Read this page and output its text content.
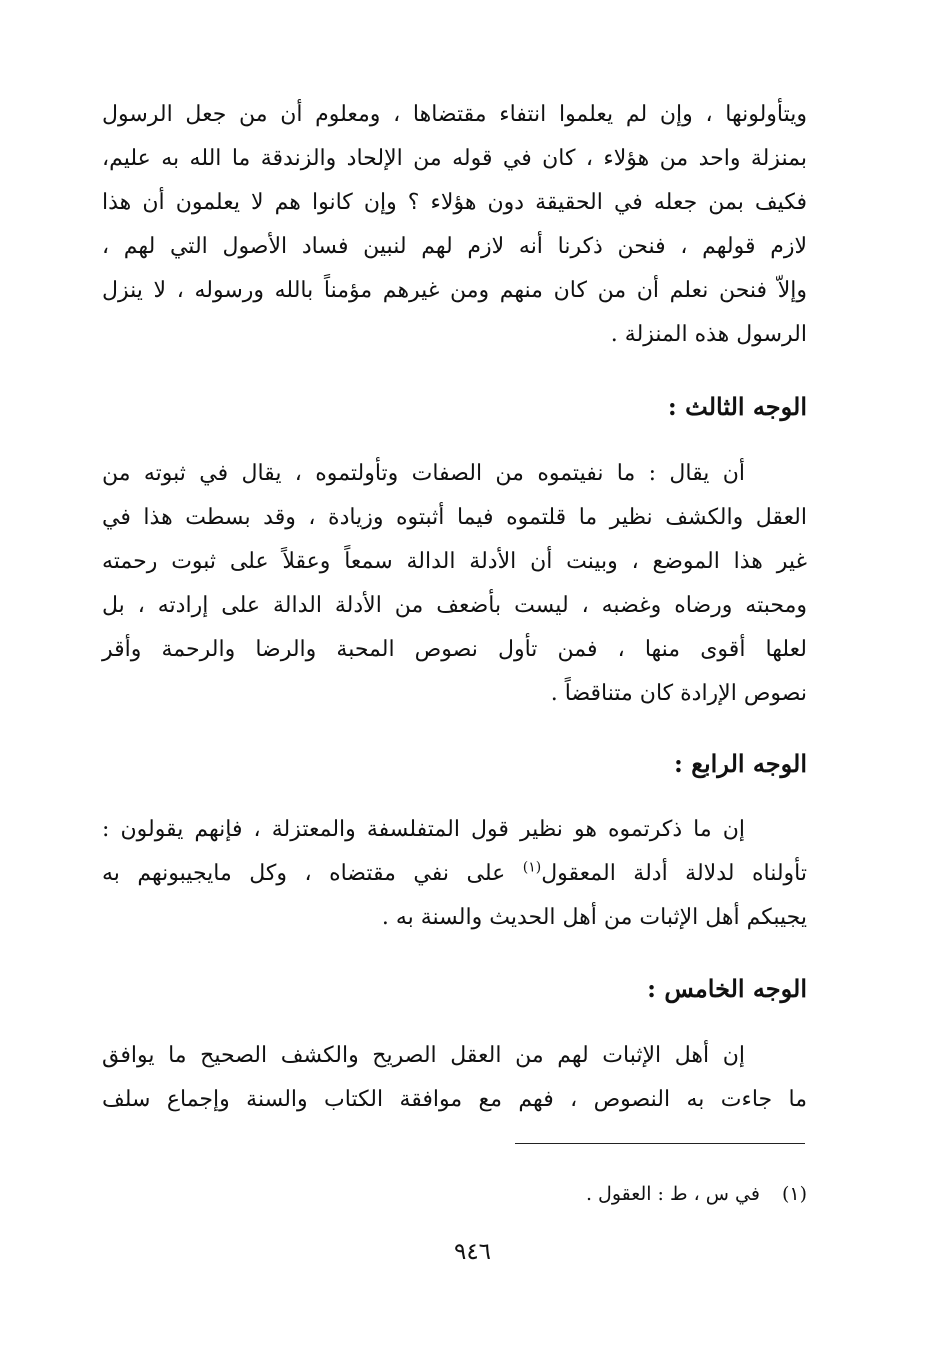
ويتأولونها ، وإن لم يعلموا انتفاء مقتضاها ، ومعلوم أن من جعل الرسول
بمنزلة واحد من هؤلاء ، كان في قوله من الإلحاد والزندقة ما الله به عليم،
فكيف بمن جعله في الحقيقة دون هؤلاء ؟ وإن كانوا هم لا يعلمون أن هذا
لازم قولهم ، فنحن ذكرنا أنه لازم لهم لنبين فساد الأصول التي لهم ،
وإلاّ فنحن نعلم أن من كان منهم ومن غيرهم مؤمناً بالله ورسوله ، لا ينزل
الرسول هذه المنزلة .
الوجه الثالث :
أن يقال : ما نفيتموه من الصفات وتأولتموه ، يقال في ثبوته من
العقل والكشف نظير ما قلتموه فيما أثبتوه وزيادة ، وقد بسطت هذا في
غير هذا الموضع ، وبينت أن الأدلة الدالة سمعاً وعقلاً على ثبوت رحمته
ومحبته ورضاه وغضبه ، ليست بأضعف من الأدلة الدالة على إرادته ، بل
لعلها أقوى منها ، فمن تأول نصوص المحبة والرضا والرحمة وأقر
نصوص الإرادة كان متناقضاً .
الوجه الرابع :
إن ما ذكرتموه هو نظير قول المتفلسفة والمعتزلة ، فإنهم يقولون :
تأولناه لدلالة أدلة المعقول$^{(١)}$ على نفي مقتضاه ، وكل مايجيبونهم به
يجيبكم أهل الإثبات من أهل الحديث والسنة به .
الوجه الخامس :
إن أهل الإثبات لهم من العقل الصريح والكشف الصحيح ما يوافق
ما جاءت به النصوص ، فهم مع موافقة الكتاب والسنة وإجماع سلف

(١)في س ، ط : العقول .

٩٤٦
